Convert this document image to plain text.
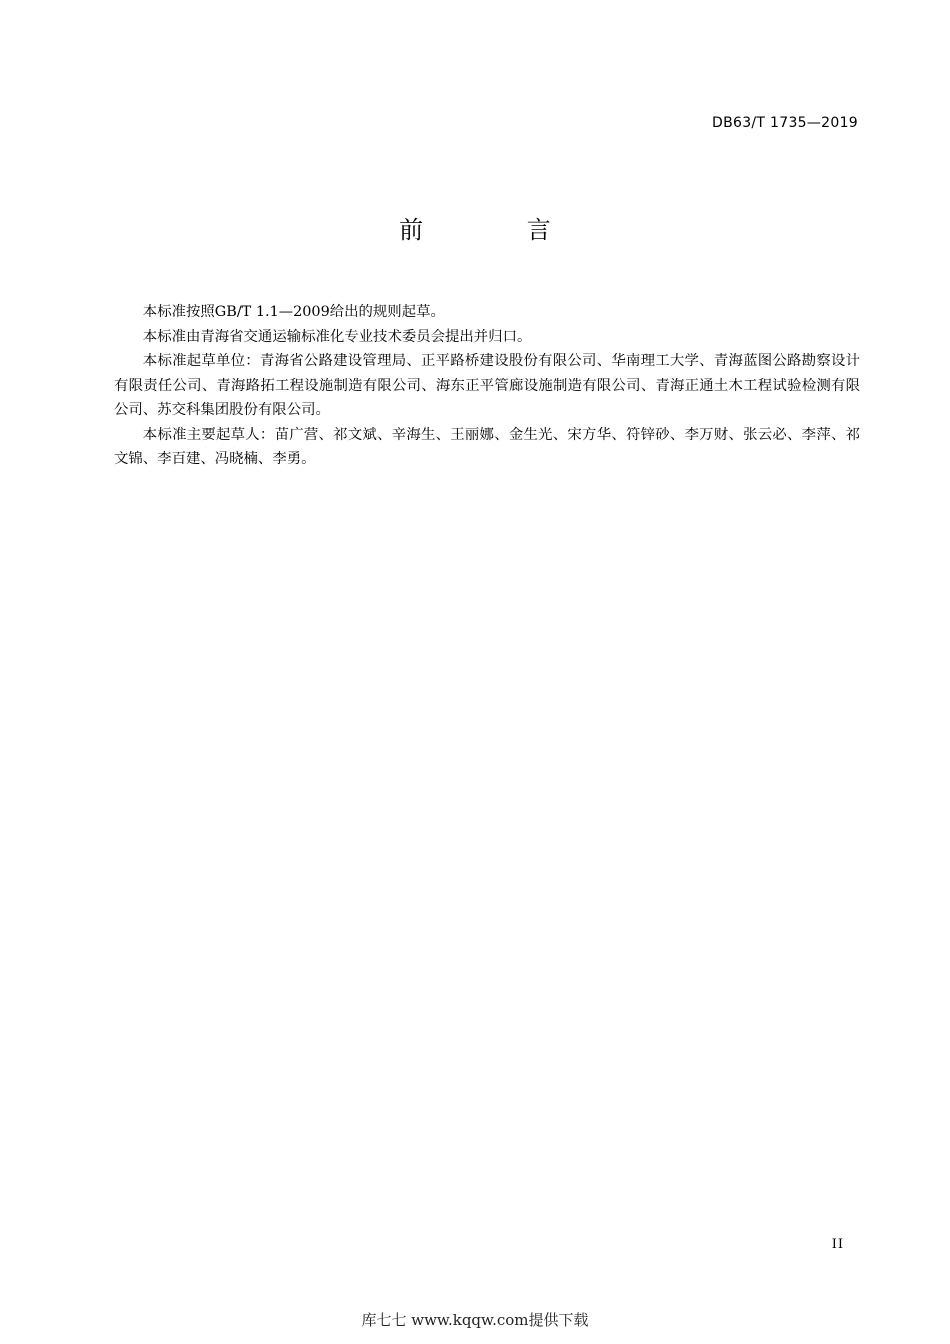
DB63/T 1735—2019
前 言

本标准按照GB/T 1.1—2009给出的规则起草。

本标准由青海省交通运输标准化专业技术委员会提出并归口。

本标准起草单位：青海省公路建设管理局、正平路桥建设股份有限公司、华南理工大学、青海蓝图公路勘察设计有限责任公司、青海路拓工程设施制造有限公司、海东正平管廊设施制造有限公司、青海正通土木工程试验检测有限公司、苏交科集团股份有限公司。

本标准主要起草人：苗广营、祁文斌、辛海生、王丽娜、金生光、宋方华、符锌砂、李万财、张云必、李萍、祁文锦、李百建、冯晓楠、李勇。

II
库七七 www.kqqw.com提供下载
